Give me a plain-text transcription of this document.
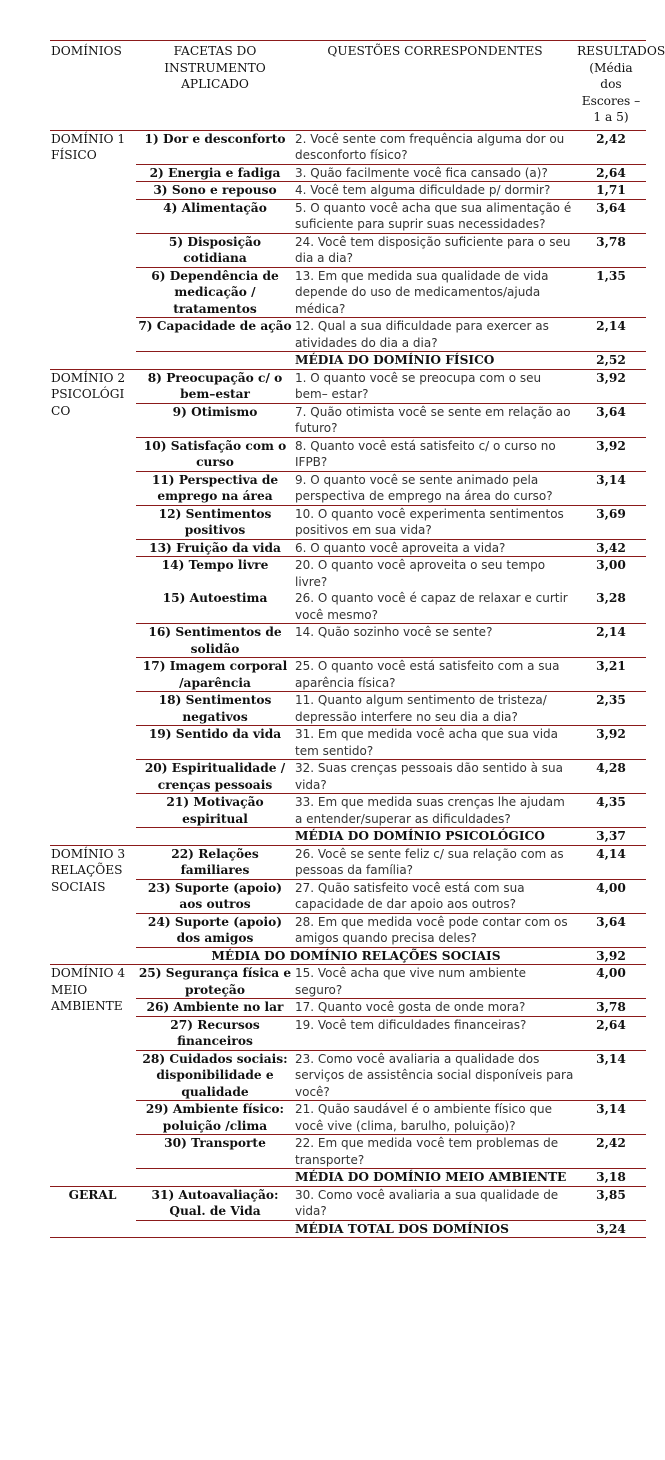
DOMÍNIOS	FACETAS DO INSTRUMENTO APLICADO	QUESTÕES CORRESPONDENTES	RESULTADOS (Média dos Escores – 1 a 5)
DOMÍNIO 1 FÍSICO	1) Dor e desconforto	2. Você sente com frequência alguma dor ou desconforto físico?	2,42
	2) Energia e fadiga	3. Quão facilmente você fica cansado (a)?	2,64
	3) Sono e repouso	4. Você tem alguma dificuldade p/ dormir?	1,71
	4) Alimentação	5. O quanto você acha que sua alimentação é suficiente para suprir suas necessidades?	3,64
	5) Disposição cotidiana	24. Você tem disposição suficiente para o seu dia a dia?	3,78
	6) Dependência de medicação / tratamentos	13. Em que medida sua qualidade de vida depende do uso de medicamentos/ajuda médica?	1,35
	7) Capacidade de ação	12. Qual a sua dificuldade para exercer as atividades do dia a dia?	2,14
		MÉDIA DO DOMÍNIO FÍSICO	2,52
DOMÍNIO 2 PSICOLÓGI CO	8) Preocupação c/ o bem–estar	1. O quanto você se preocupa com o seu bem– estar?	3,92
	9) Otimismo	7. Quão otimista você se sente em relação ao futuro?	3,64
	10) Satisfação com o curso	8. Quanto você está satisfeito c/ o curso no IFPB?	3,92
	11) Perspectiva de emprego na área	9. O quanto você se sente animado pela perspectiva de emprego na área do curso?	3,14
	12) Sentimentos positivos	10. O quanto você experimenta sentimentos positivos em sua vida?	3,69
	13) Fruição da vida	6. O quanto você aproveita a vida?	3,42
	14) Tempo livre	20. O quanto você aproveita o seu tempo livre?	3,00
	15) Autoestima	26. O quanto você é capaz de relaxar e curtir você mesmo?	3,28
	16) Sentimentos de solidão	14. Quão sozinho você se sente?	2,14
	17) Imagem corporal /aparência	25. O quanto você está satisfeito com a sua aparência física?	3,21
	18) Sentimentos negativos	11. Quanto algum sentimento de tristeza/ depressão interfere no seu dia a dia?	2,35
	19) Sentido da vida	31. Em que medida você acha que sua vida tem sentido?	3,92
	20) Espiritualidade / crenças pessoais	32. Suas crenças pessoais dão sentido à sua vida?	4,28
	21) Motivação espiritual	33. Em que medida suas crenças lhe ajudam a entender/superar as dificuldades?	4,35
		MÉDIA DO DOMÍNIO PSICOLÓGICO	3,37
DOMÍNIO 3 RELAÇÕES SOCIAIS	22) Relações familiares	26. Você se sente feliz c/ sua relação com as pessoas da família?	4,14
	23) Suporte (apoio) aos outros	27. Quão satisfeito você está com sua capacidade de dar apoio aos outros?	4,00
	24) Suporte (apoio) dos amigos	28. Em que medida você pode contar com os amigos quando precisa deles?	3,64
	MÉDIA DO DOMÍNIO RELAÇÕES SOCIAIS		3,92
DOMÍNIO 4 MEIO AMBIENTE	25) Segurança física e proteção	15. Você acha que vive num ambiente seguro?	4,00
	26) Ambiente no lar	17. Quanto você gosta de onde mora?	3,78
	27) Recursos financeiros	19. Você tem dificuldades financeiras?	2,64
	28) Cuidados sociais: disponibilidade e qualidade	23. Como você avaliaria a qualidade dos serviços de assistência social disponíveis para você?	3,14
	29) Ambiente físico: poluição /clima	21. Quão saudável é o ambiente físico que você vive (clima, barulho, poluição)?	3,14
	30) Transporte	22. Em que medida você tem problemas de transporte?	2,42
		MÉDIA DO DOMÍNIO MEIO AMBIENTE	3,18
GERAL	31) Autoavaliação: Qual. de Vida	30. Como você avaliaria a sua qualidade de vida?	3,85
		MÉDIA TOTAL DOS DOMÍNIOS	3,24
